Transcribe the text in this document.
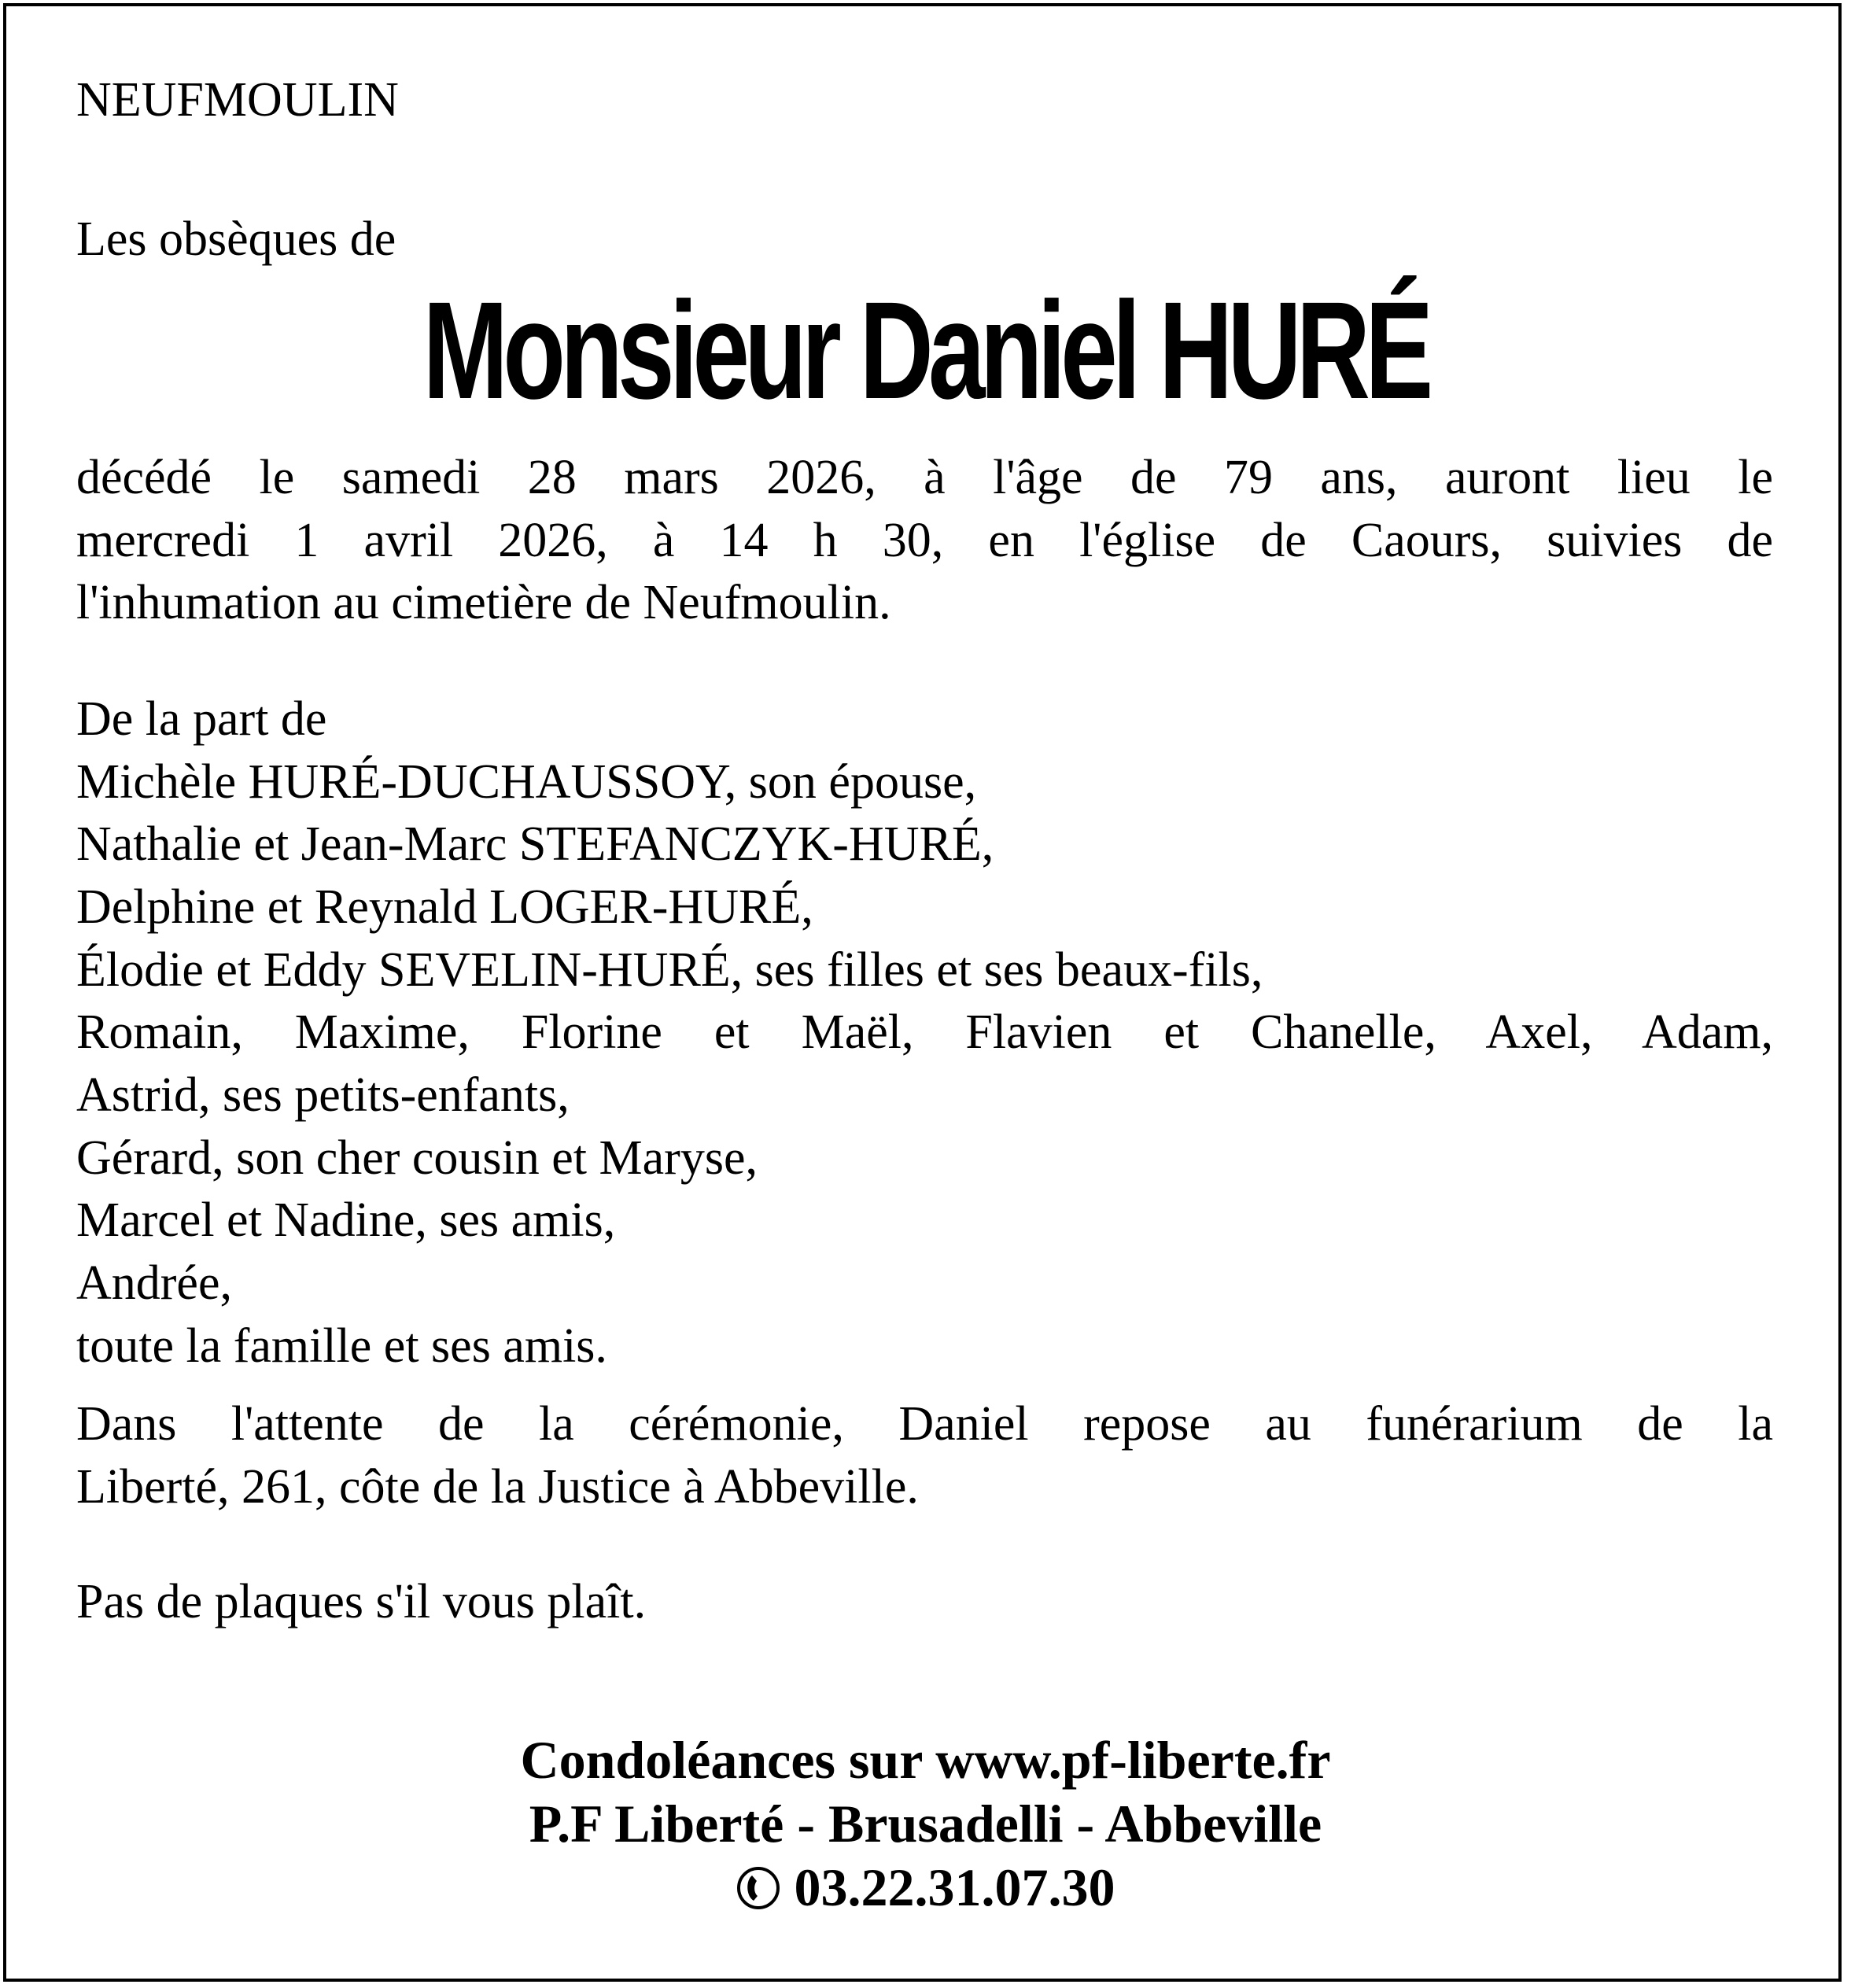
NEUFMOULIN
Les obsèques de
Monsieur Daniel HURÉ
décédé le samedi 28 mars 2026, à l'âge de 79 ans, auront lieu le
mercredi 1 avril 2026, à 14 h 30, en l'église de Caours, suivies de
l'inhumation au cimetière de Neufmoulin.
De la part de
Michèle HURÉ-DUCHAUSSOY, son épouse,
Nathalie et Jean-Marc STEFANCZYK-HURÉ,
Delphine et Reynald LOGER-HURÉ,
Élodie et Eddy SEVELIN-HURÉ, ses filles et ses beaux-fils,
Romain, Maxime, Florine et Maël, Flavien et Chanelle, Axel, Adam,
Astrid, ses petits-enfants,
Gérard, son cher cousin et Maryse,
Marcel et Nadine, ses amis,
Andrée,
toute la famille et ses amis.
Dans l'attente de la cérémonie, Daniel repose au funérarium de la
Liberté, 261, côte de la Justice à Abbeville.
Pas de plaques s'il vous plaît.
Condoléances sur www.pf-liberte.fr
P.F Liberté - Brusadelli - Abbeville
03.22.31.07.30
